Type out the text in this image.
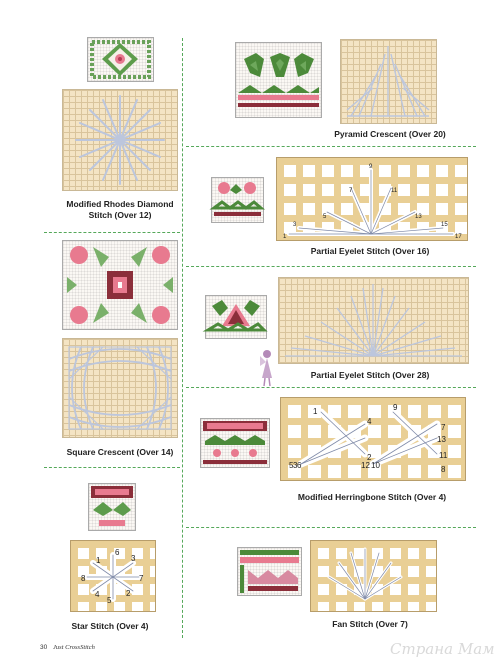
Modified Rhodes Diamond
Stitch (Over 12)
Square Crescent (Over 14)
1
2
3
4
5
6
7
8
Star Stitch (Over 4)
Pyramid Crescent (Over 20)
1
3
5
7
9
11
13
15
17
Partial Eyelet Stitch (Over 16)
Partial Eyelet Stitch (Over 28)
1
2
3
4
5 6
7
8
9
10
11
12
13
Modified Herringbone Stitch (Over 4)
Fan Stitch (Over 7)
30 Just CrossStitch	Страна Мам
